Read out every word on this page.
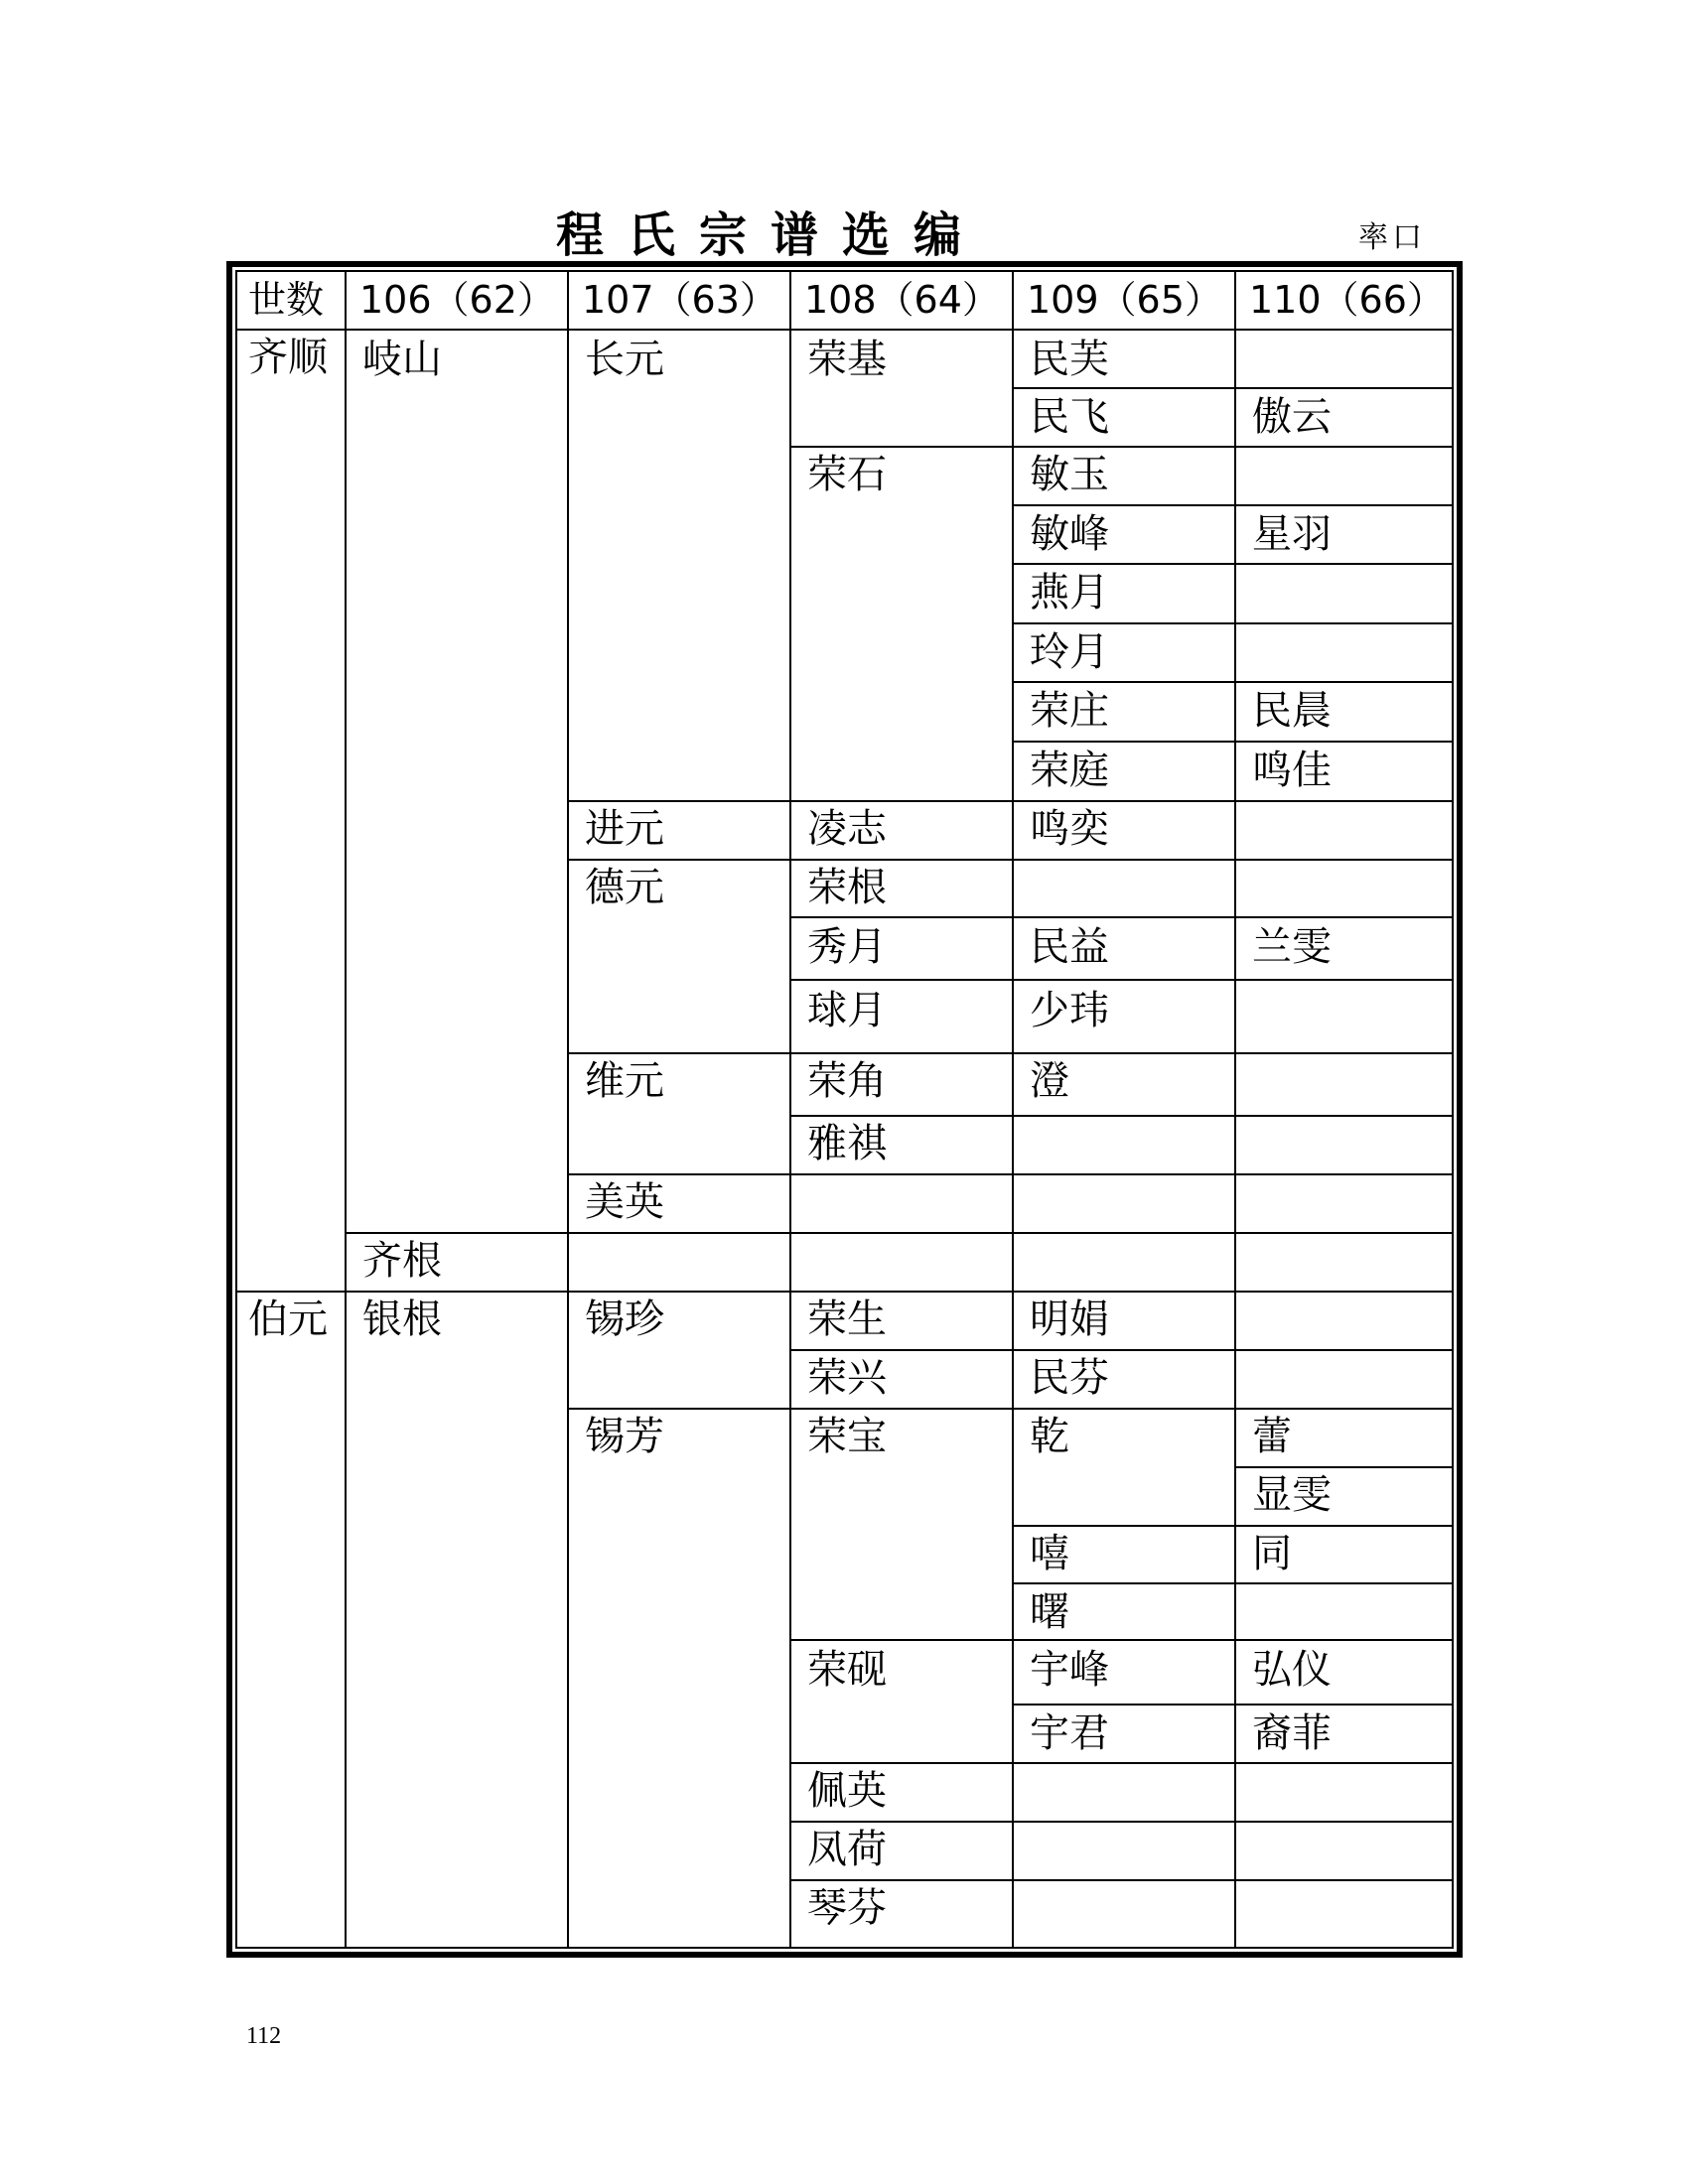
程氏宗谱选编	率口
世数 106（62） 107（63） 108（64） 109（65） 110（66）
齐顺
伯元
岐山
齐根
银根
长元
进元
德元
维元
美英
锡珍
锡芳
荣基
荣石
凌志
荣根
秀月
球月
荣角
雅祺
荣生
荣兴
荣宝
荣砚
佩英
凤荷
琴芬
民芙
民飞
敏玉
敏峰
燕月
玲月
荣庄
荣庭
鸣奕
民益
少玮
澄
明娟
民芬
乾
嘻
曙
宇峰
宇君
傲云
星羽
民晨
鸣佳
兰雯
蕾
显雯
同
弘仪
裔菲
112
